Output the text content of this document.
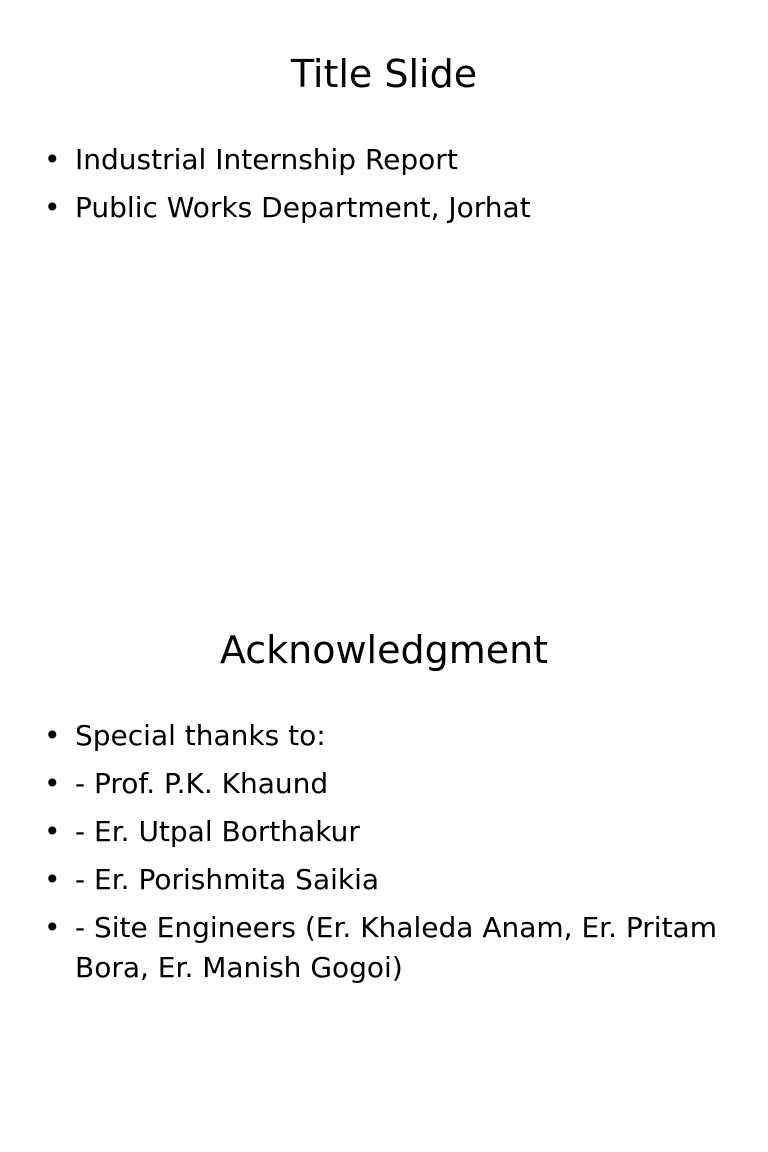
Title Slide
• Industrial Internship Report
• Public Works Department, Jorhat
Acknowledgment
• Special thanks to:
• - Prof. P.K. Khaund
• - Er. Utpal Borthakur
• - Er. Porishmita Saikia
• - Site Engineers (Er. Khaleda Anam, Er. Pritam Bora, Er. Manish Gogoi)
